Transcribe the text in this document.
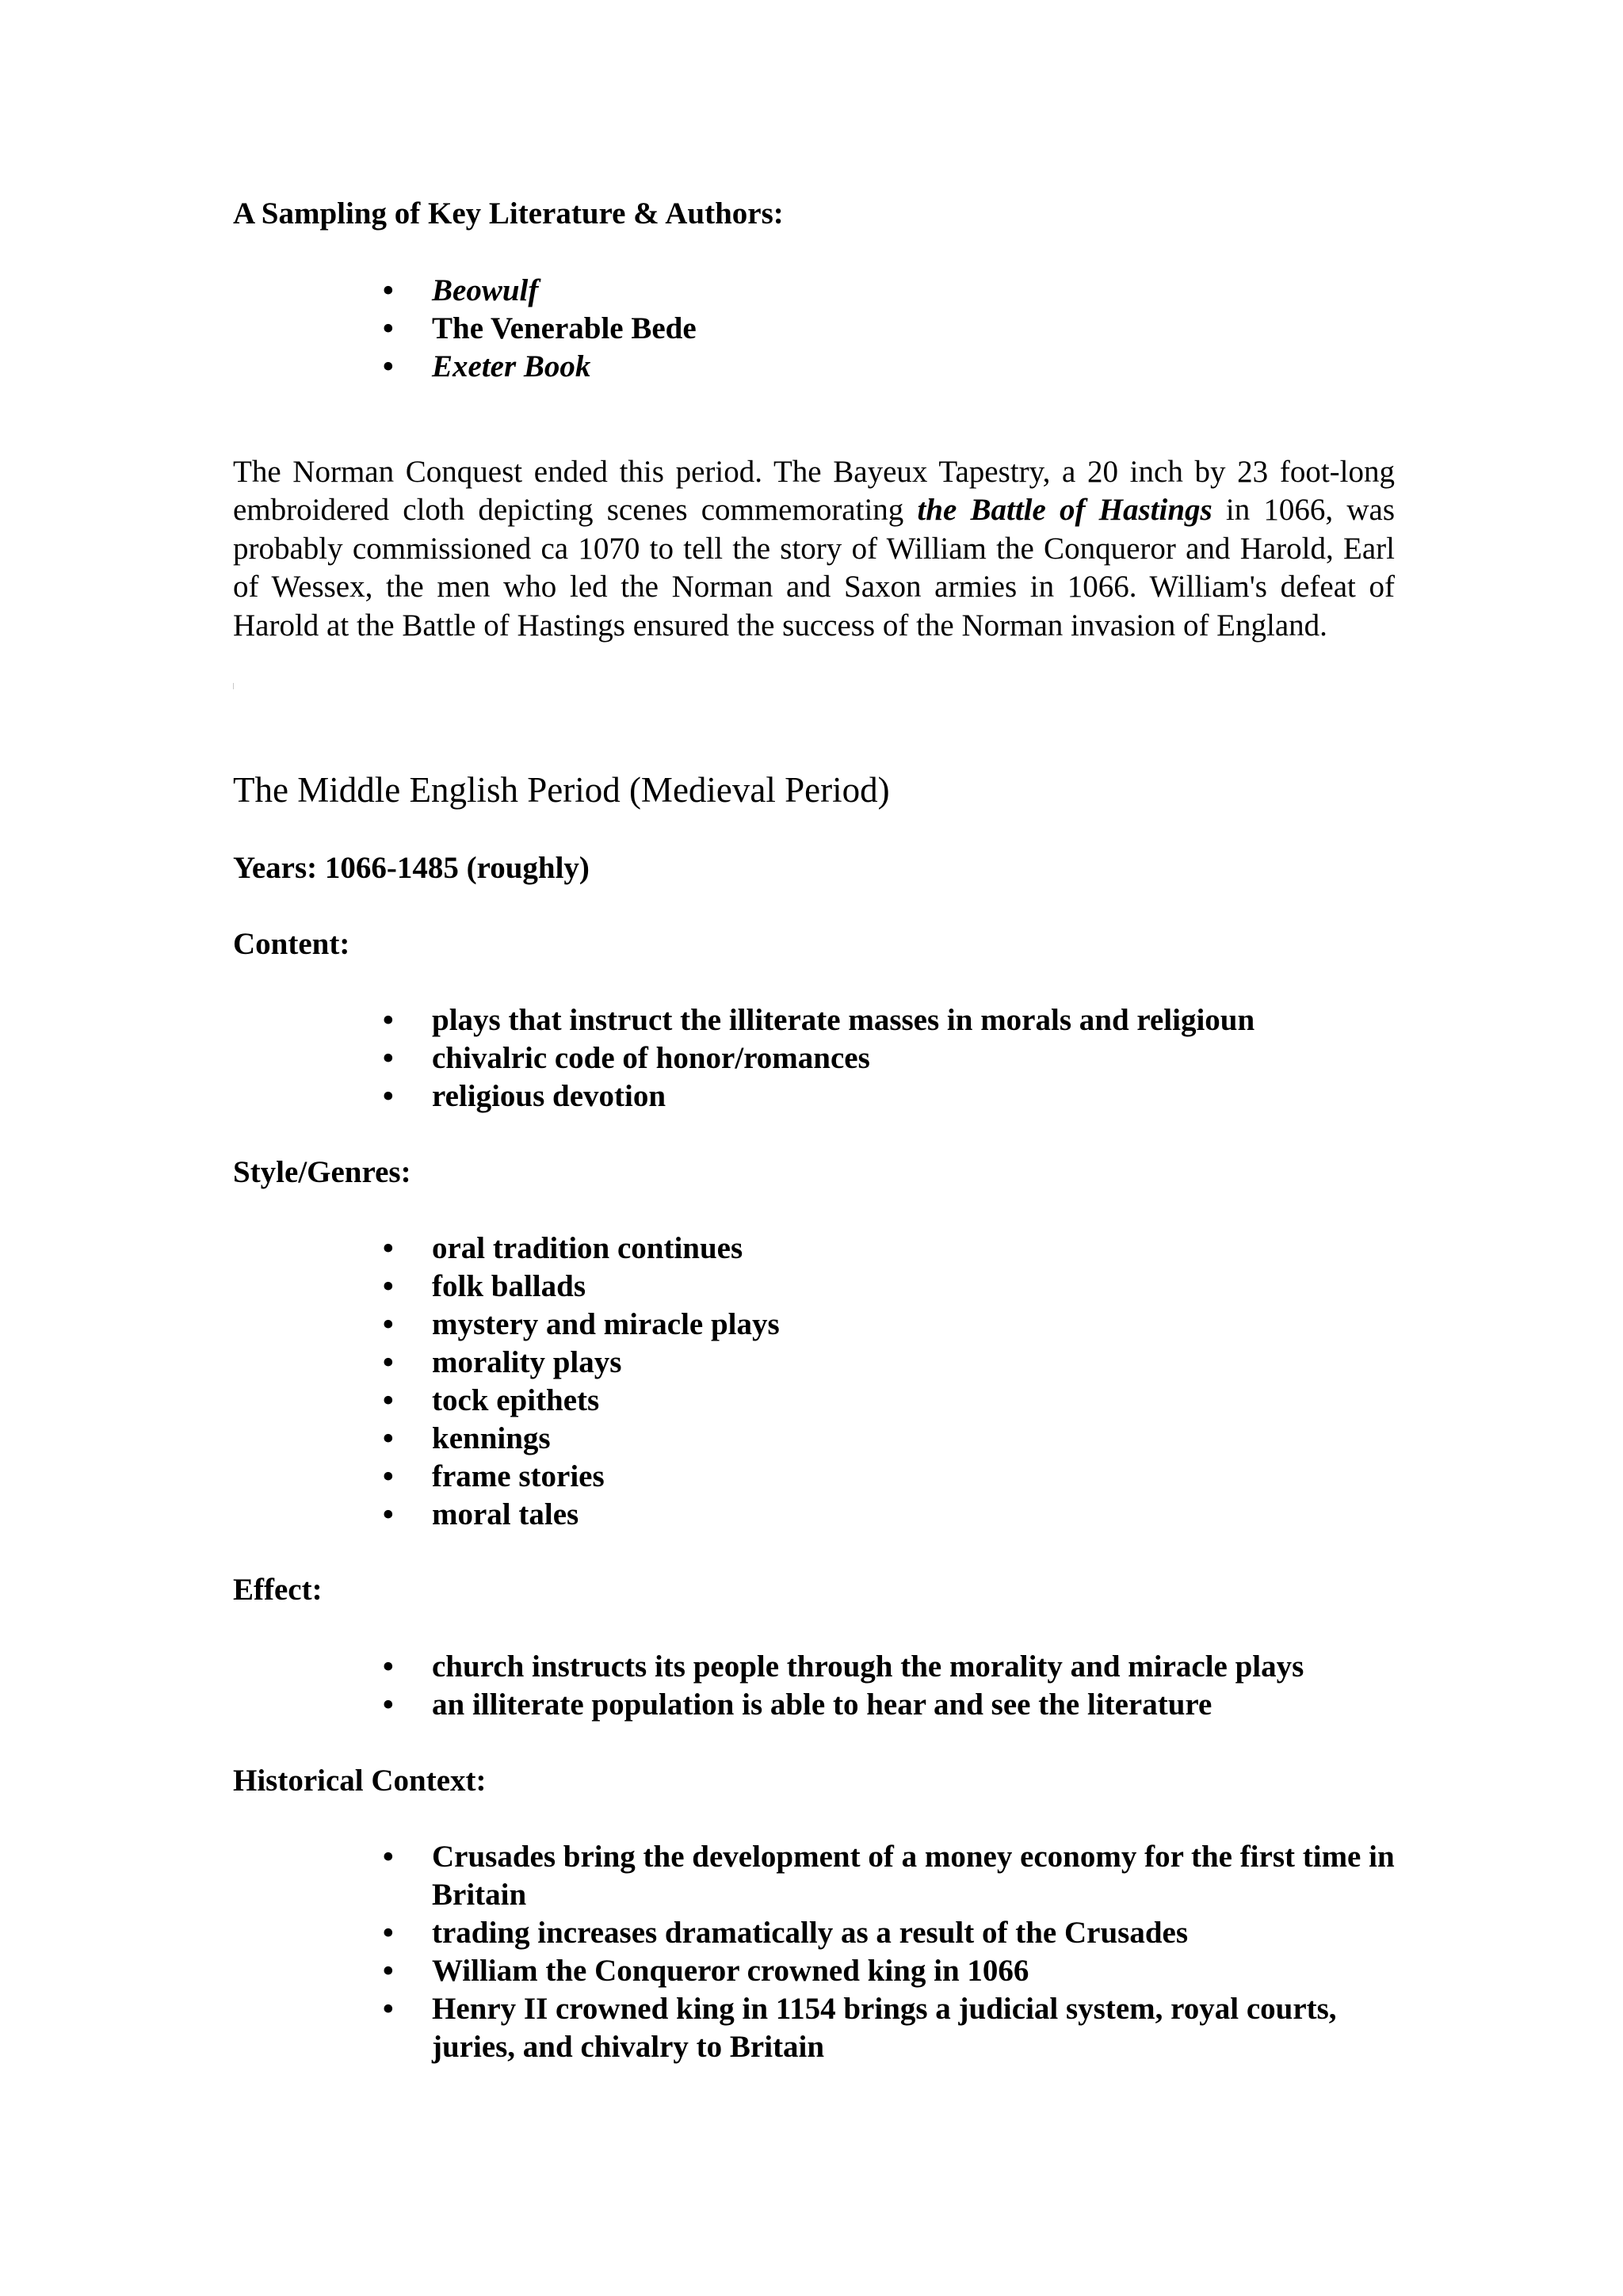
A Sampling of Key Literature & Authors:
• Beowulf
• The Venerable Bede
• Exeter Book

The Norman Conquest ended this period. The Bayeux Tapestry, a 20 inch by 23 foot-long embroidered cloth depicting scenes commemorating the Battle of Hastings in 1066, was probably commissioned ca 1070 to tell the story of William the Conqueror and Harold, Earl of Wessex, the men who led the Norman and Saxon armies in 1066. William's defeat of Harold at the Battle of Hastings ensured the success of the Norman invasion of England.

The Middle English Period (Medieval Period)
Years: 1066-1485 (roughly)
Content:
• plays that instruct the illiterate masses in morals and religioun
• chivalric code of honor/romances
• religious devotion
Style/Genres:
• oral tradition continues
• folk ballads
• mystery and miracle plays
• morality plays
• tock epithets
• kennings
• frame stories
• moral tales
Effect:
• church instructs its people through the morality and miracle plays
• an illiterate population is able to hear and see the literature
Historical Context:
• Crusades bring the development of a money economy for the first time in Britain
• trading increases dramatically as a result of the Crusades
• William the Conqueror crowned king in 1066
• Henry II crowned king in 1154 brings a judicial system, royal courts, juries, and chivalry to Britain
